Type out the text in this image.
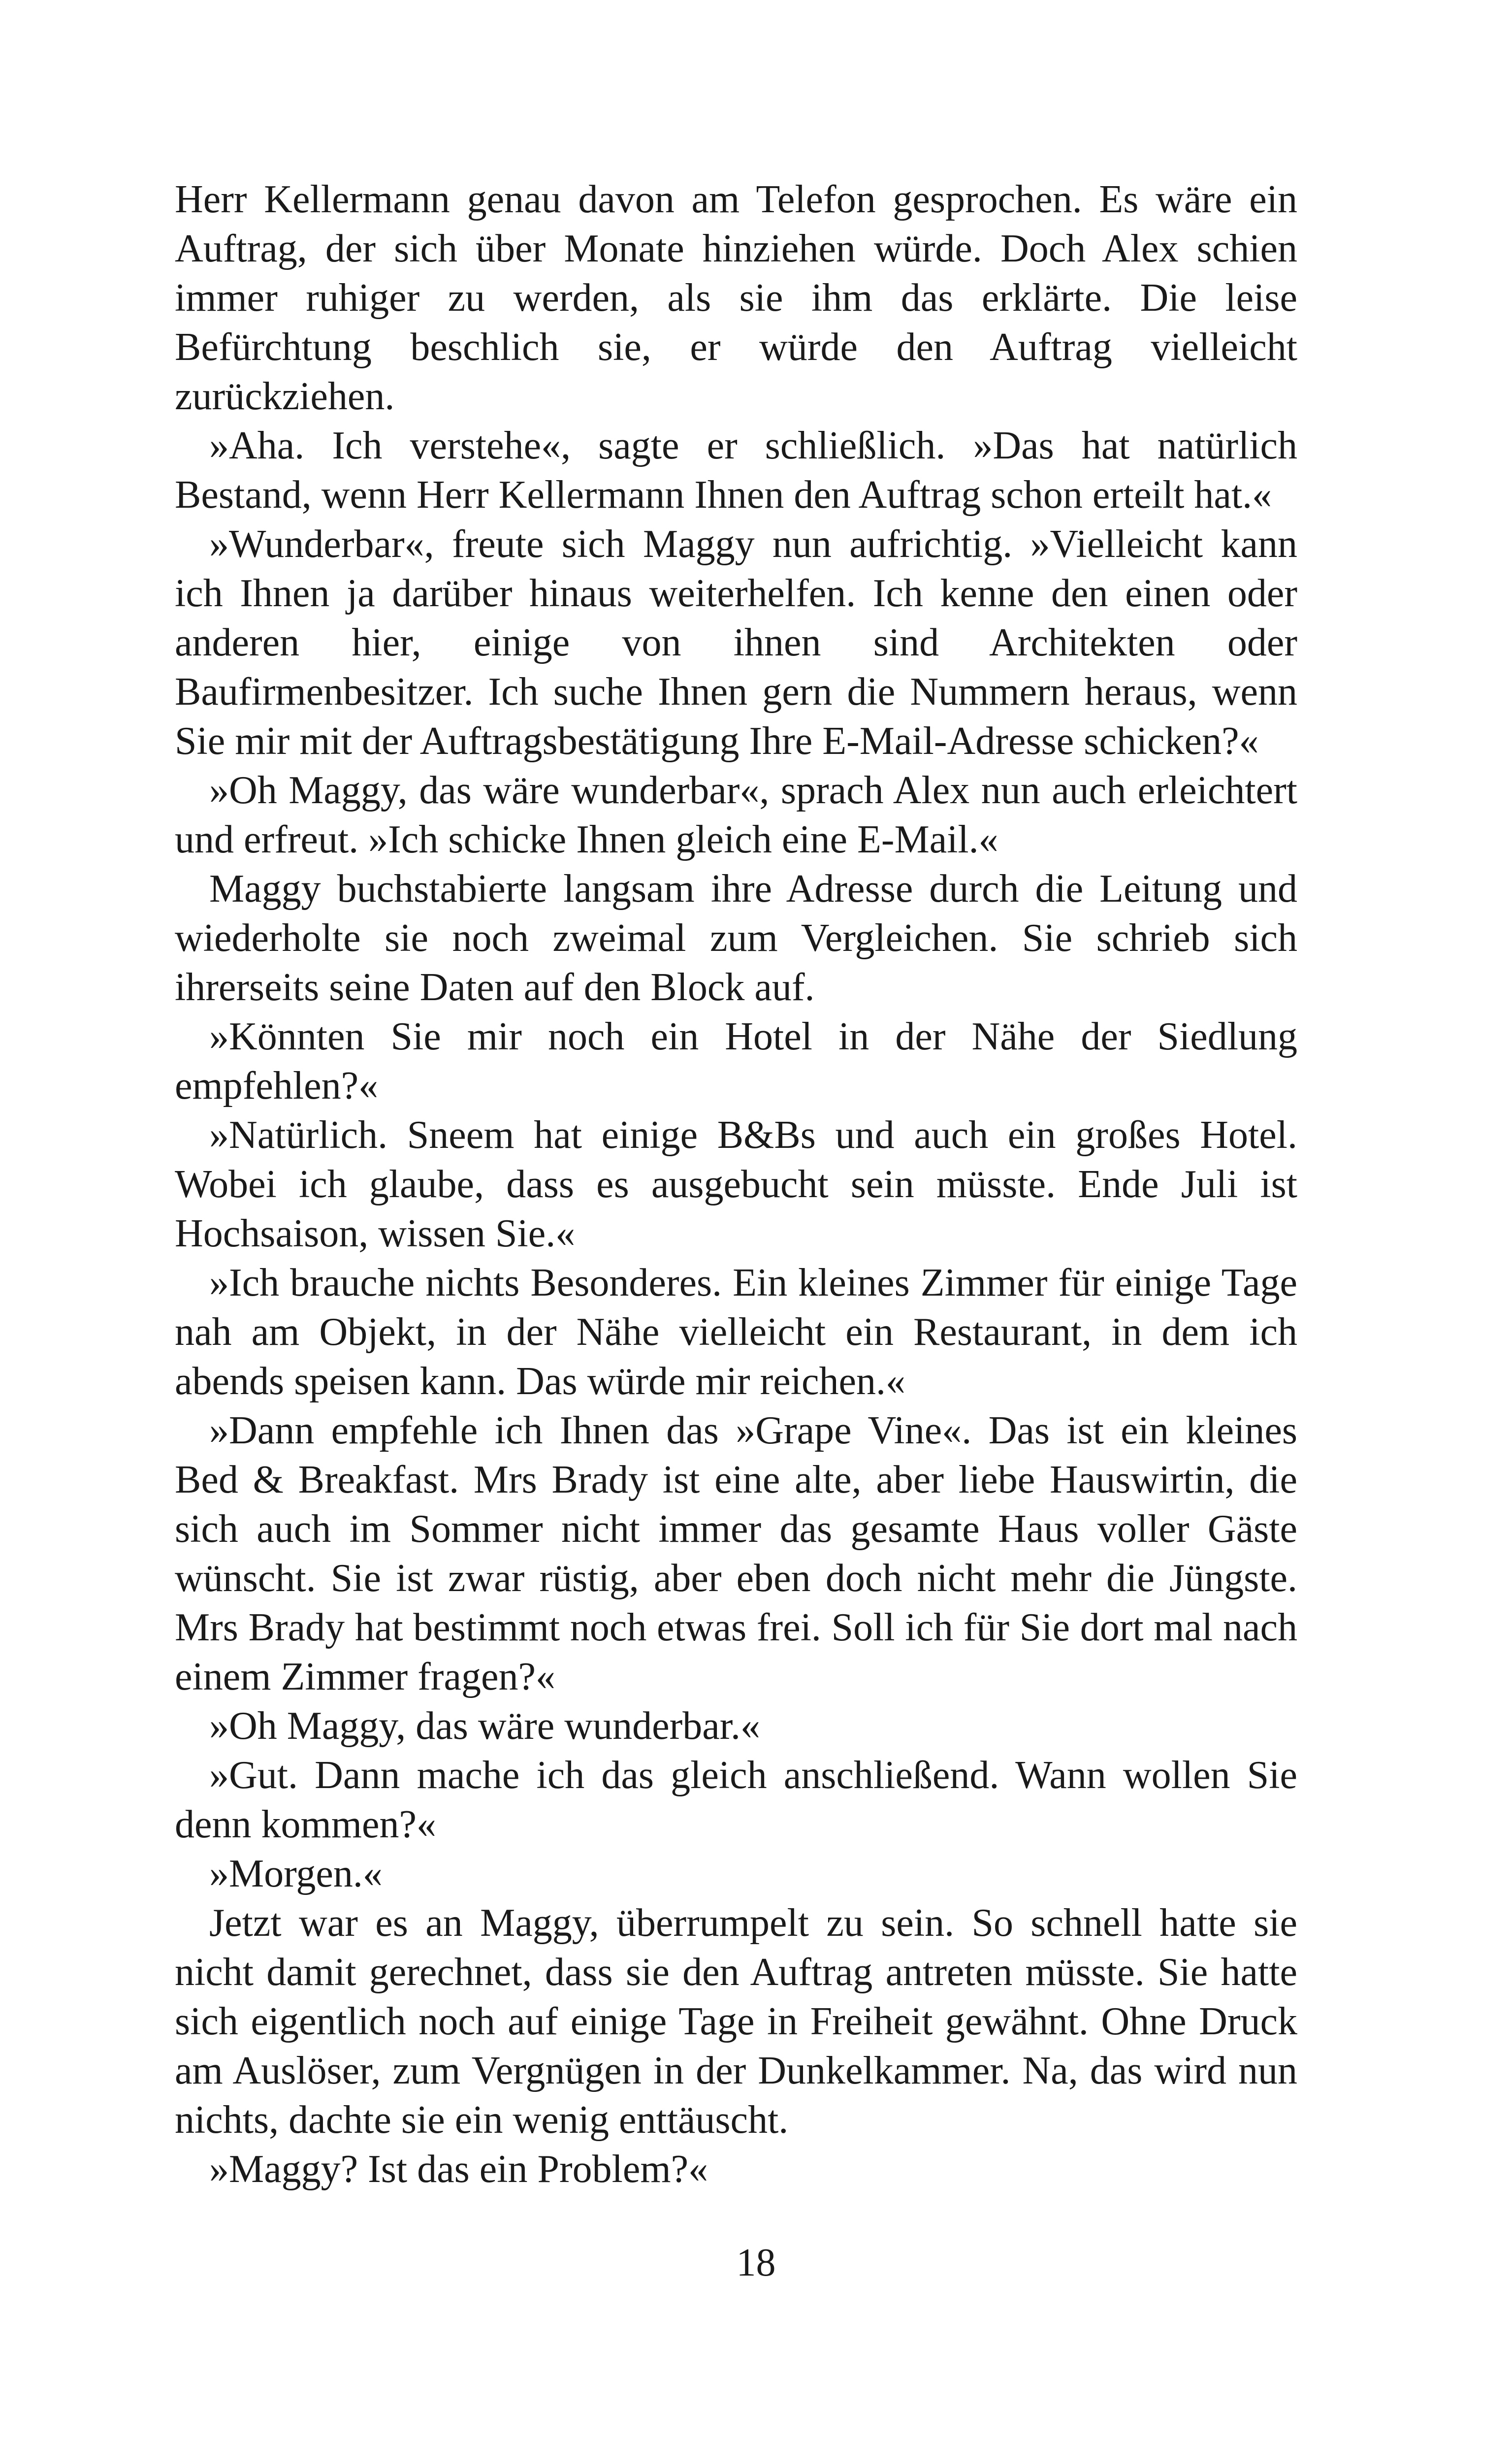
Herr Kellermann genau davon am Telefon gesprochen. Es wäre ein Auftrag, der sich über Monate hinziehen würde. Doch Alex schien immer ruhiger zu werden, als sie ihm das erklärte. Die leise Befürchtung beschlich sie, er würde den Auftrag vielleicht zurückziehen.

»Aha. Ich verstehe«, sagte er schließlich. »Das hat natürlich Bestand, wenn Herr Kellermann Ihnen den Auftrag schon erteilt hat.«

»Wunderbar«, freute sich Maggy nun aufrichtig. »Vielleicht kann ich Ihnen ja darüber hinaus weiterhelfen. Ich kenne den einen oder anderen hier, einige von ihnen sind Architekten oder Baufirmenbesitzer. Ich suche Ihnen gern die Nummern heraus, wenn Sie mir mit der Auftragsbestätigung Ihre E-Mail-Adresse schicken?«

»Oh Maggy, das wäre wunderbar«, sprach Alex nun auch erleichtert und erfreut. »Ich schicke Ihnen gleich eine E-Mail.«

Maggy buchstabierte langsam ihre Adresse durch die Leitung und wiederholte sie noch zweimal zum Vergleichen. Sie schrieb sich ihrerseits seine Daten auf den Block auf.

»Könnten Sie mir noch ein Hotel in der Nähe der Siedlung empfehlen?«

»Natürlich. Sneem hat einige B&Bs und auch ein großes Hotel. Wobei ich glaube, dass es ausgebucht sein müsste. Ende Juli ist Hochsaison, wissen Sie.«

»Ich brauche nichts Besonderes. Ein kleines Zimmer für einige Tage nah am Objekt, in der Nähe vielleicht ein Restaurant, in dem ich abends speisen kann. Das würde mir reichen.«

»Dann empfehle ich Ihnen das »Grape Vine«. Das ist ein kleines Bed & Breakfast. Mrs Brady ist eine alte, aber liebe Hauswirtin, die sich auch im Sommer nicht immer das gesamte Haus voller Gäste wünscht. Sie ist zwar rüstig, aber eben doch nicht mehr die Jüngste. Mrs Brady hat bestimmt noch etwas frei. Soll ich für Sie dort mal nach einem Zimmer fragen?«

»Oh Maggy, das wäre wunderbar.«

»Gut. Dann mache ich das gleich anschließend. Wann wollen Sie denn kommen?«

»Morgen.«

Jetzt war es an Maggy, überrumpelt zu sein. So schnell hatte sie nicht damit gerechnet, dass sie den Auftrag antreten müsste. Sie hatte sich eigentlich noch auf einige Tage in Freiheit gewähnt. Ohne Druck am Auslöser, zum Vergnügen in der Dunkelkammer. Na, das wird nun nichts, dachte sie ein wenig enttäuscht.

»Maggy? Ist das ein Problem?«

18
